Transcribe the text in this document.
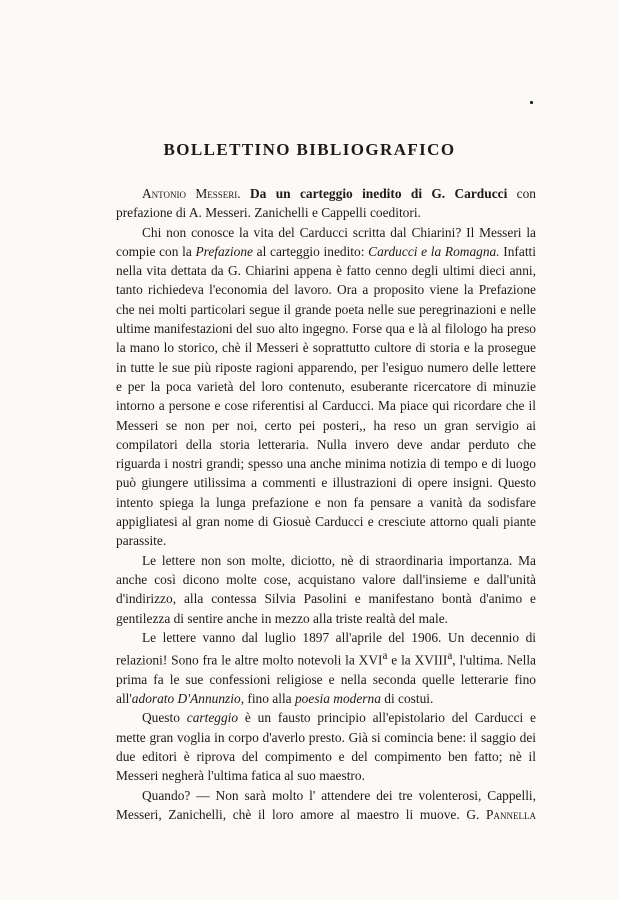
BOLLETTINO BIBLIOGRAFICO

Antonio Messeri. Da un carteggio inedito di G. Carducci con prefazione di A. Messeri. Zanichelli e Cappelli coeditori.

Chi non conosce la vita del Carducci scritta dal Chiarini? Il Messeri la compie con la Prefazione al carteggio inedito: Carducci e la Romagna. Infatti nella vita dettata da G. Chiarini appena è fatto cenno degli ultimi dieci anni, tanto richiedeva l'economia del lavoro. Ora a proposito viene la Prefazione che nei molti particolari segue il grande poeta nelle sue peregrinazioni e nelle ultime manifestazioni del suo alto ingegno. Forse qua e là al filologo ha preso la mano lo storico, chè il Messeri è soprattutto cultore di storia e la prosegue in tutte le sue più riposte ragioni apparendo, per l'esiguo numero delle lettere e per la poca varietà del loro contenuto, esuberante ricercatore di minuzie intorno a persone e cose riferentisi al Carducci. Ma piace qui ricordare che il Messeri se non per noi, certo pei posteri,, ha reso un gran servigio ai compilatori della storia letteraria. Nulla invero deve andar perduto che riguarda i nostri grandi; spesso una anche minima notizia di tempo e di luogo può giungere utilissima a commenti e illustrazioni di opere insigni. Questo intento spiega la lunga prefazione e non fa pensare a vanità da sodisfare appigliatesi al gran nome di Giosuè Carducci e cresciute attorno quali piante parassite.

Le lettere non son molte, diciotto, nè di straordinaria importanza. Ma anche così dicono molte cose, acquistano valore dall'insieme e dall'unità d'indirizzo, alla contessa Silvia Pasolini e manifestano bontà d'animo e gentilezza di sentire anche in mezzo alla triste realtà del male.

Le lettere vanno dal luglio 1897 all'aprile del 1906. Un decennio di relazioni! Sono fra le altre molto notevoli la XVI$^a$ e la XVIII$^a$, l'ultima. Nella prima fa le sue confessioni religiose e nella seconda quelle letterarie fino all'adorato D'Annunzio, fino alla poesia moderna di costui.

Questo carteggio è un fausto principio all'epistolario del Carducci e mette gran voglia in corpo d'averlo presto. Già si comincia bene: il saggio dei due editori è riprova del compimento e del compimento ben fatto; nè il Messeri negherà l'ultima fatica al suo maestro.

Quando? — Non sarà molto l' attendere dei tre volenterosi, Cappelli, Messeri, Zanichelli, chè il loro amore al maestro li muove. G. Pannella
